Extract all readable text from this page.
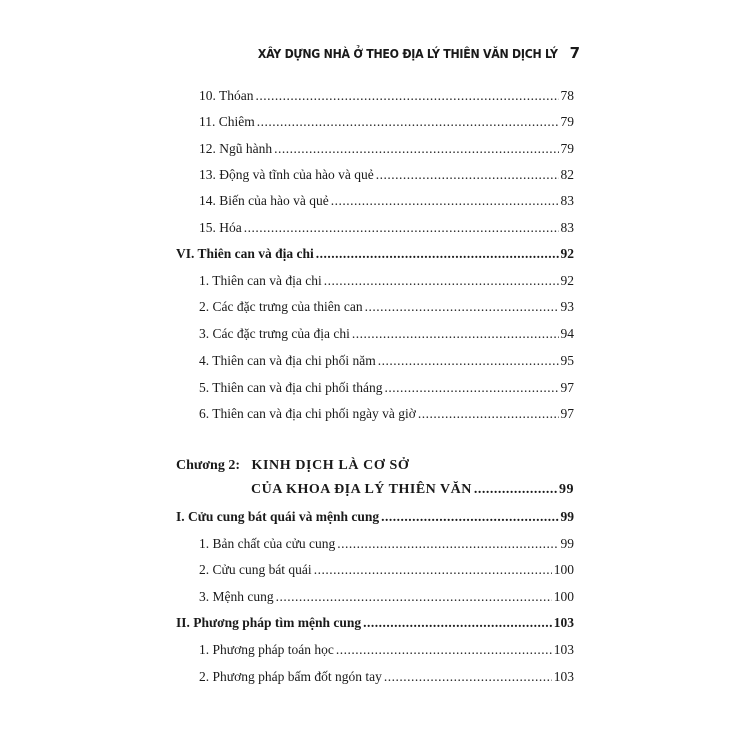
XÂY DỰNG NHÀ Ở THEO ĐỊA LÝ THIÊN VĂN DỊCH LÝ 7
10. Thóan .....	78
11. Chiêm .....	79
12. Ngũ hành .....	79
13. Động và tĩnh của hào và quẻ .....	82
14. Biến của hào và quẻ .....	83
15. Hóa .....	83
VI. Thiên can và địa chi .....	92
1. Thiên can và địa chi .....	92
2. Các đặc trưng của thiên can .....	93
3. Các đặc trưng của địa chi .....	94
4. Thiên can và địa chi phối năm .....	95
5. Thiên can và địa chi phối tháng .....	97
6. Thiên can và địa chi phối ngày và giờ .....	97
Chương 2: KINH DỊCH LÀ CƠ SỞ
CỦA KHOA ĐỊA LÝ THIÊN VĂN .....	99
I. Cửu cung bát quái và mệnh cung .....	99
1. Bản chất của cửu cung .....	99
2. Cửu cung bát quái .....	100
3. Mệnh cung .....	100
II. Phương pháp tìm mệnh cung .....	103
1. Phương pháp toán học .....	103
2. Phương pháp bấm đốt ngón tay .....	103
